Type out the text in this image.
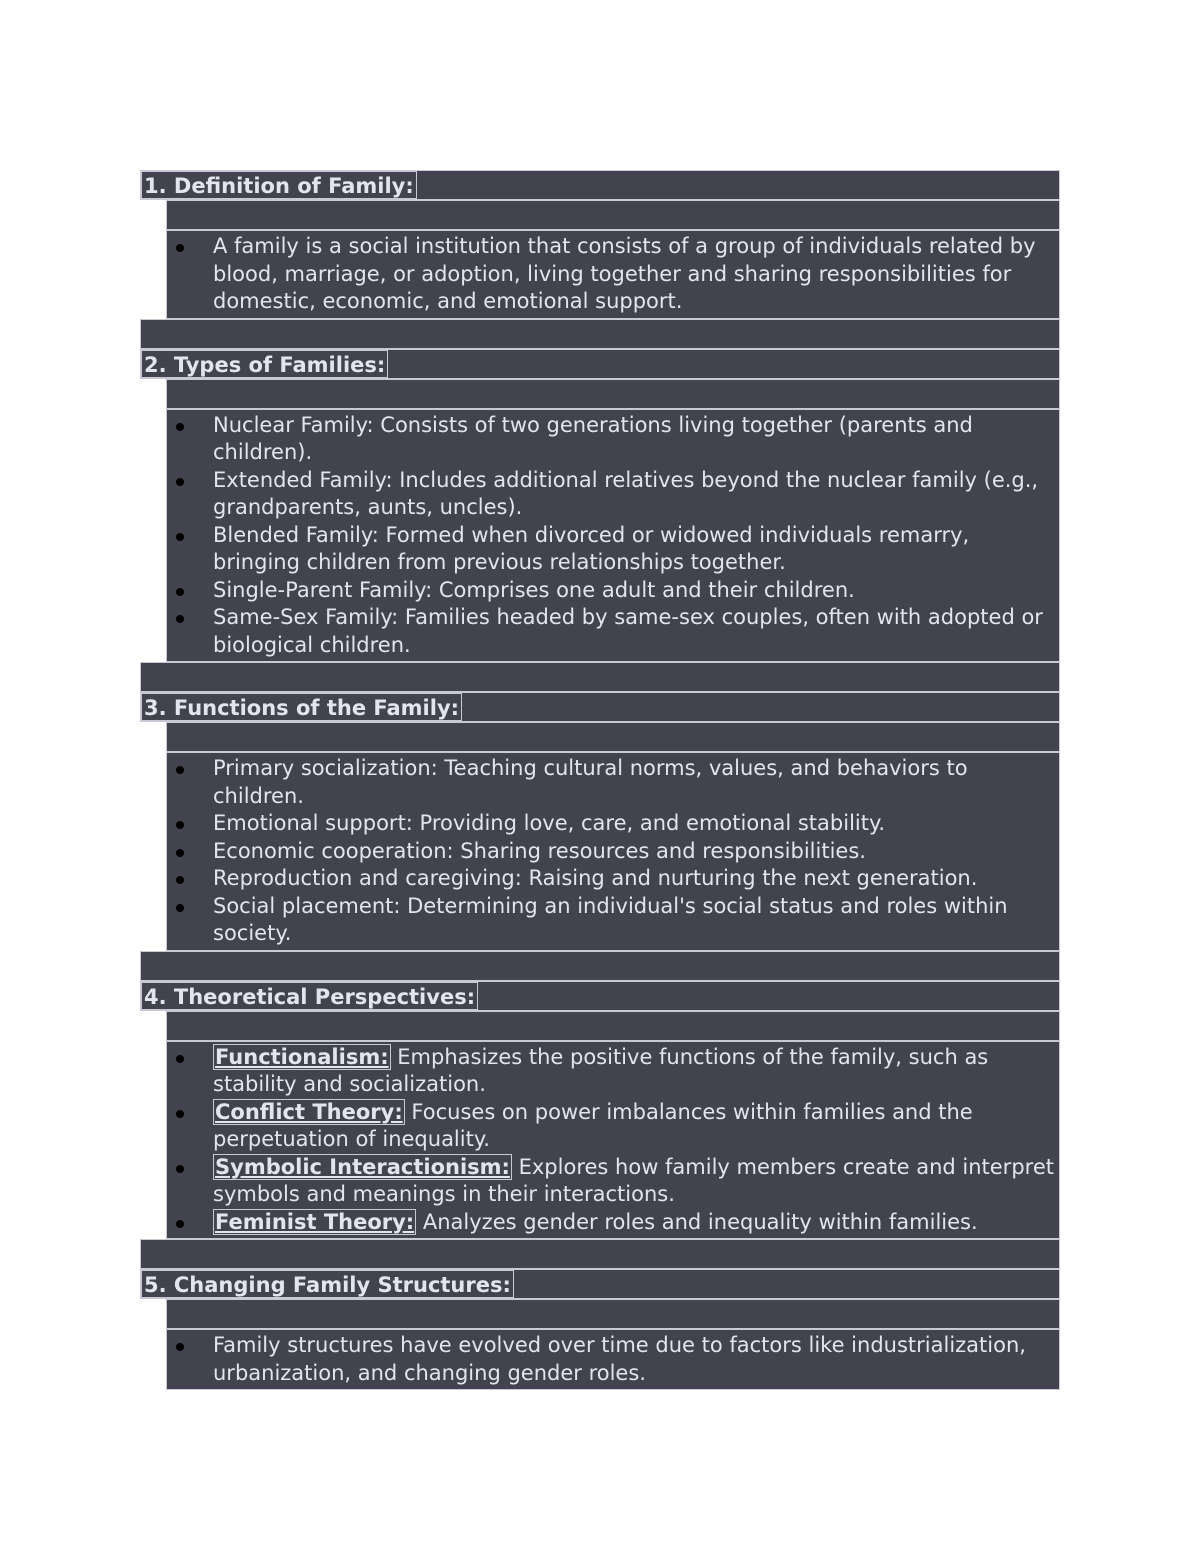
1. Definition of Family:
A family is a social institution that consists of a group of individuals related by blood, marriage, or adoption, living together and sharing responsibilities for domestic, economic, and emotional support.
2. Types of Families:
Nuclear Family: Consists of two generations living together (parents and children).
Extended Family: Includes additional relatives beyond the nuclear family (e.g., grandparents, aunts, uncles).
Blended Family: Formed when divorced or widowed individuals remarry, bringing children from previous relationships together.
Single-Parent Family: Comprises one adult and their children.
Same-Sex Family: Families headed by same-sex couples, often with adopted or biological children.
3. Functions of the Family:
Primary socialization: Teaching cultural norms, values, and behaviors to children.
Emotional support: Providing love, care, and emotional stability.
Economic cooperation: Sharing resources and responsibilities.
Reproduction and caregiving: Raising and nurturing the next generation.
Social placement: Determining an individual's social status and roles within society.
4. Theoretical Perspectives:
Functionalism: Emphasizes the positive functions of the family, such as stability and socialization.
Conflict Theory: Focuses on power imbalances within families and the perpetuation of inequality.
Symbolic Interactionism: Explores how family members create and interpret symbols and meanings in their interactions.
Feminist Theory: Analyzes gender roles and inequality within families.
5. Changing Family Structures:
Family structures have evolved over time due to factors like industrialization, urbanization, and changing gender roles.
